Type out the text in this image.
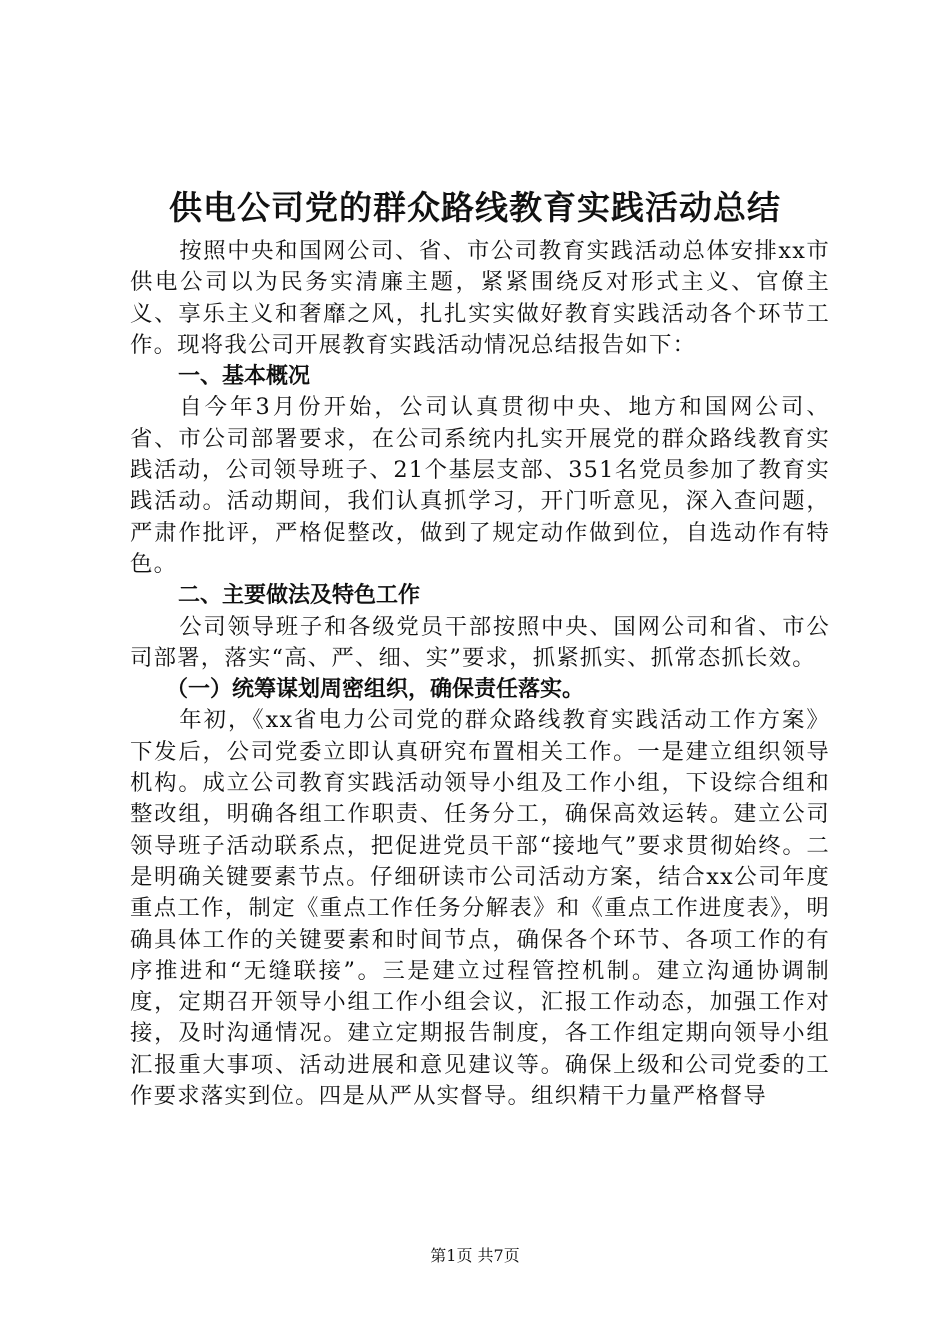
供电公司党的群众路线教育实践活动总结

按照中央和国网公司、省、市公司教育实践活动总体安排xx市供电公司以为民务实清廉主题，紧紧围绕反对形式主义、官僚主义、享乐主义和奢靡之风，扎扎实实做好教育实践活动各个环节工作。现将我公司开展教育实践活动情况总结报告如下：

一、基本概况

自今年3月份开始，公司认真贯彻中央、地方和国网公司、省、市公司部署要求，在公司系统内扎实开展党的群众路线教育实践活动，公司领导班子、21个基层支部、351名党员参加了教育实践活动。活动期间，我们认真抓学习，开门听意见，深入查问题，严肃作批评，严格促整改，做到了规定动作做到位，自选动作有特色。

二、主要做法及特色工作

公司领导班子和各级党员干部按照中央、国网公司和省、市公司部署，落实“高、严、细、实”要求，抓紧抓实、抓常态抓长效。

（一）统筹谋划周密组织，确保责任落实。

年初，《xx省电力公司党的群众路线教育实践活动工作方案》下发后，公司党委立即认真研究布置相关工作。一是建立组织领导机构。成立公司教育实践活动领导小组及工作小组，下设综合组和整改组，明确各组工作职责、任务分工，确保高效运转。建立公司领导班子活动联系点，把促进党员干部“接地气”要求贯彻始终。二是明确关键要素节点。仔细研读市公司活动方案，结合xx公司年度重点工作，制定《重点工作任务分解表》和《重点工作进度表》，明确具体工作的关键要素和时间节点，确保各个环节、各项工作的有序推进和“无缝联接”。三是建立过程管控机制。建立沟通协调制度，定期召开领导小组工作小组会议，汇报工作动态，加强工作对接，及时沟通情况。建立定期报告制度，各工作组定期向领导小组汇报重大事项、活动进展和意见建议等。确保上级和公司党委的工作要求落实到位。四是从严从实督导。组织精干力量严格督导

第1页 共7页
